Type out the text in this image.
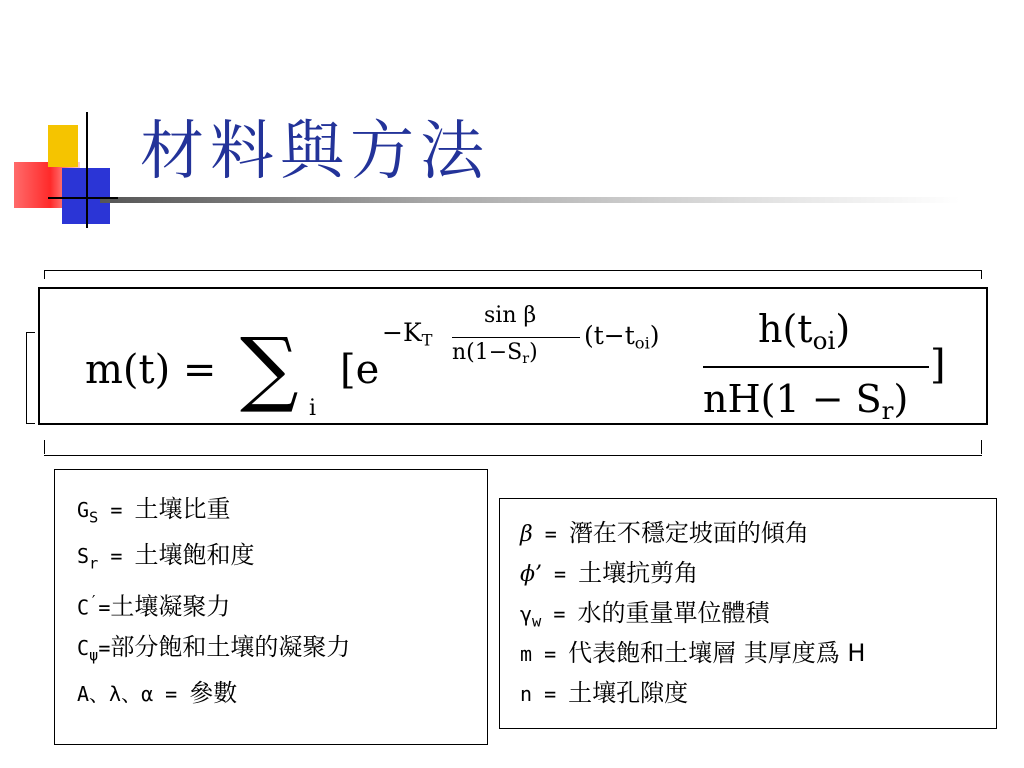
材料與方法
m(t) = ∑ i
[e
$-K_T$
sin β
$n(1-S_r)$
$(t-t_{oi})$	$h(t_{oi})$
$nH(1 - S_r)$
]
$G_S$ = 土壤比重
$S_r$ = 土壤飽和度
C′=土壤凝聚力
$C_\psi=$部分飽和土壤的凝聚力
A、λ、α = 參數
β = 潛在不穩定坡面的傾角
ϕ’ = 土壤抗剪角
$\gamma_w$ = 水的重量單位體積
m = 代表飽和土壤層 其厚度爲 H
n = 土壤孔隙度
